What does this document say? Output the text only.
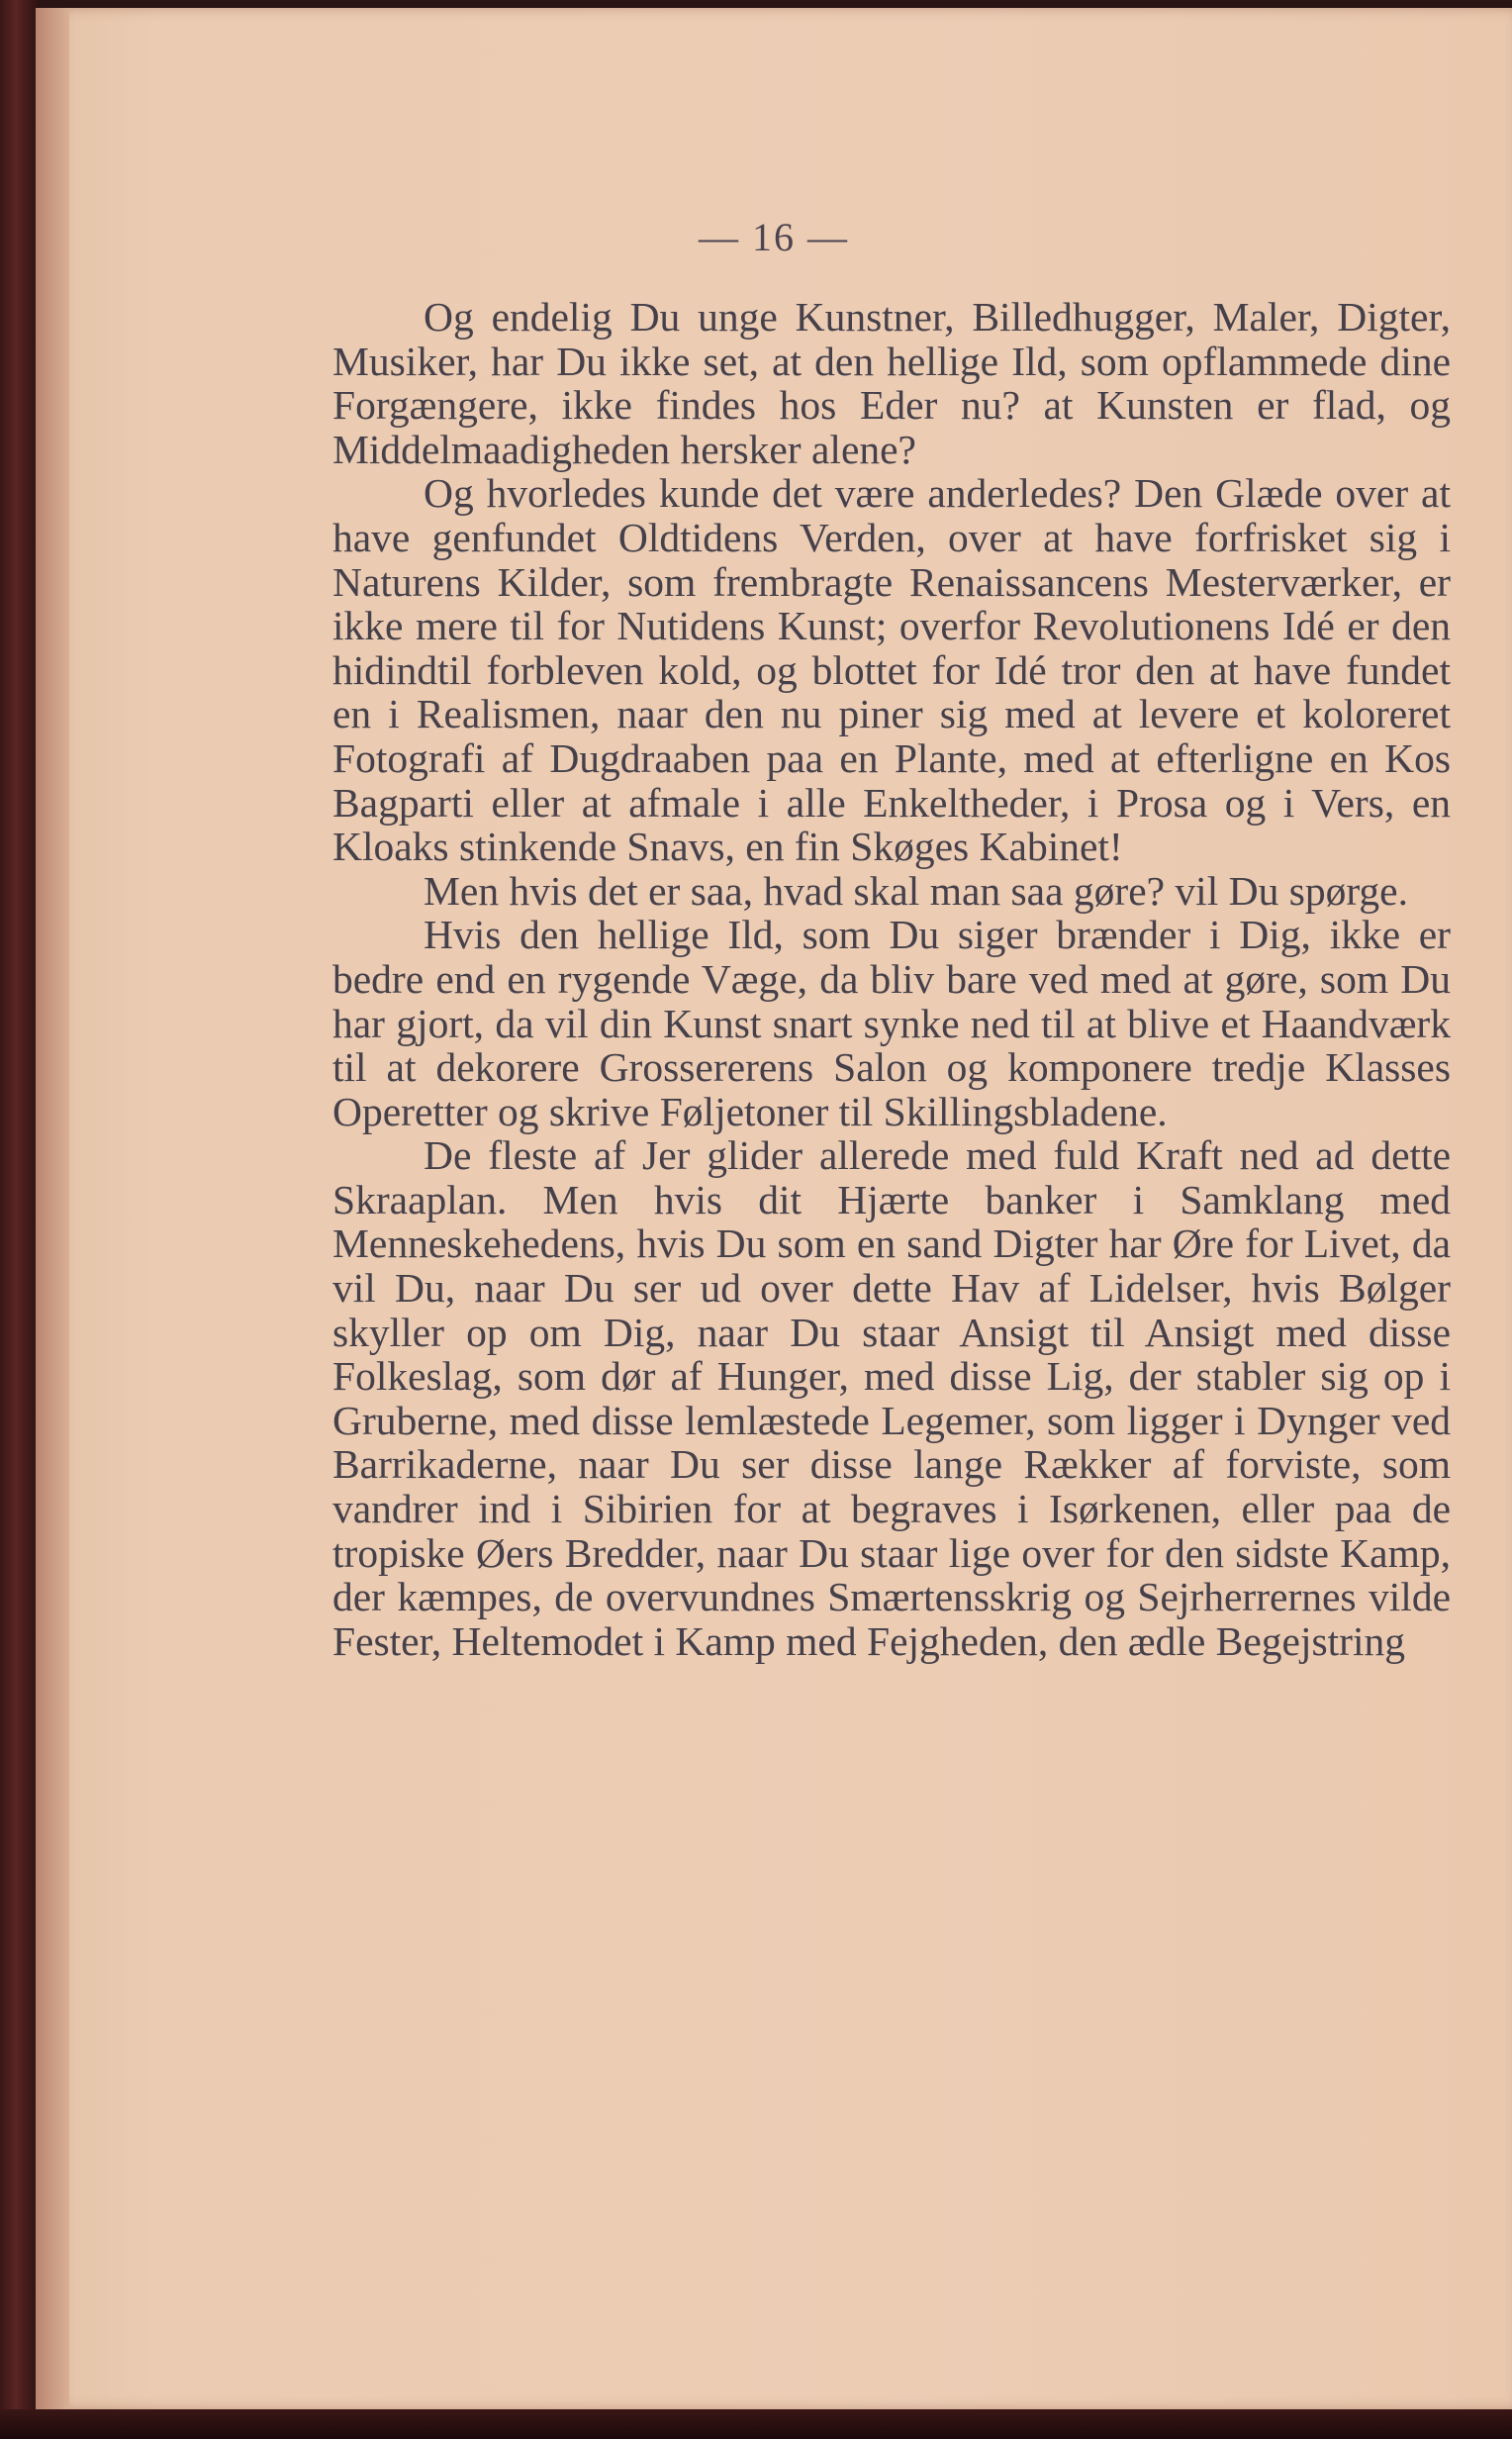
— 16 —

Og endelig Du unge Kunstner, Billedhugger, Maler, Digter, Musiker, har Du ikke set, at den hellige Ild, som opflammede dine Forgængere, ikke findes hos Eder nu? at Kunsten er flad, og Middelmaadigheden hersker alene?

Og hvorledes kunde det være anderledes? Den Glæde over at have genfundet Oldtidens Verden, over at have forfrisket sig i Naturens Kilder, som frembragte Renaissancens Mesterværker, er ikke mere til for Nutidens Kunst; overfor Revolutionens Idé er den hidindtil forbleven kold, og blottet for Idé tror den at have fundet en i Realismen, naar den nu piner sig med at levere et koloreret Fotografi af Dugdraaben paa en Plante, med at efterligne en Kos Bagparti eller at afmale i alle Enkeltheder, i Prosa og i Vers, en Kloaks stinkende Snavs, en fin Skøges Kabinet!

Men hvis det er saa, hvad skal man saa gøre? vil Du spørge.

Hvis den hellige Ild, som Du siger brænder i Dig, ikke er bedre end en rygende Væge, da bliv bare ved med at gøre, som Du har gjort, da vil din Kunst snart synke ned til at blive et Haandværk til at dekorere Grossererens Salon og komponere tredje Klasses Operetter og skrive Føljetoner til Skillingsbladene.

De fleste af Jer glider allerede med fuld Kraft ned ad dette Skraaplan. Men hvis dit Hjærte banker i Samklang med Menneskehedens, hvis Du som en sand Digter har Øre for Livet, da vil Du, naar Du ser ud over dette Hav af Lidelser, hvis Bølger skyller op om Dig, naar Du staar Ansigt til Ansigt med disse Folkeslag, som dør af Hunger, med disse Lig, der stabler sig op i Gruberne, med disse lemlæstede Legemer, som ligger i Dynger ved Barrikaderne, naar Du ser disse lange Rækker af forviste, som vandrer ind i Sibirien for at begraves i Isørkenen, eller paa de tropiske Øers Bredder, naar Du staar lige over for den sidste Kamp, der kæmpes, de overvundnes Smærtensskrig og Sejrherrernes vilde Fester, Heltemodet i Kamp med Fejgheden, den ædle Begejstring
